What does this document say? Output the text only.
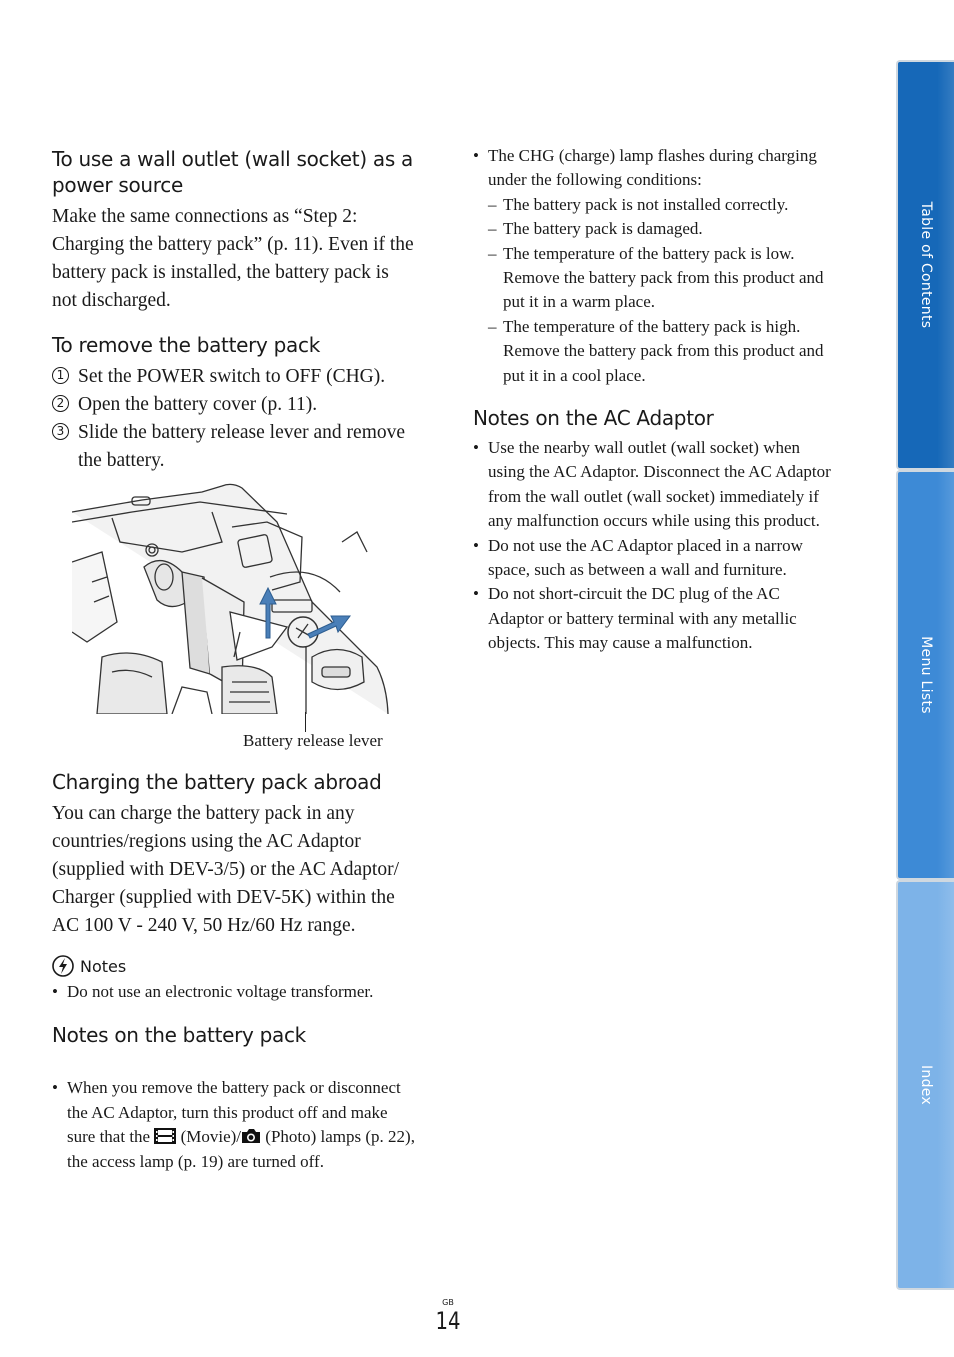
To use a wall outlet (wall socket) as a power source
Make the same connections as “Step 2: Charging the battery pack” (p. 11). Even if the battery pack is installed, the battery pack is not discharged.
To remove the battery pack
1 Set the POWER switch to OFF (CHG).
2 Open the battery cover (p. 11).
3 Slide the battery release lever and remove the battery.
Battery release lever
Charging the battery pack abroad
You can charge the battery pack in any countries/regions using the AC Adaptor (supplied with DEV-3/5) or the AC Adaptor/ Charger (supplied with DEV-5K) within the AC 100 V - 240 V, 50 Hz/60 Hz range.
Notes
• Do not use an electronic voltage transformer.
Notes on the battery pack
• When you remove the battery pack or disconnect the AC Adaptor, turn this product off and make sure that the (Movie)/ (Photo) lamps (p. 22), the access lamp (p. 19) are turned off.
• The CHG (charge) lamp flashes during charging under the following conditions:
– The battery pack is not installed correctly.
– The battery pack is damaged.
– The temperature of the battery pack is low. Remove the battery pack from this product and put it in a warm place.
– The temperature of the battery pack is high. Remove the battery pack from this product and put it in a cool place.
Notes on the AC Adaptor
• Use the nearby wall outlet (wall socket) when using the AC Adaptor. Disconnect the AC Adaptor from the wall outlet (wall socket) immediately if any malfunction occurs while using this product.
• Do not use the AC Adaptor placed in a narrow space, such as between a wall and furniture.
• Do not short-circuit the DC plug of the AC Adaptor or battery terminal with any metallic objects. This may cause a malfunction.
Table of Contents
Menu Lists
Index
GB
14
